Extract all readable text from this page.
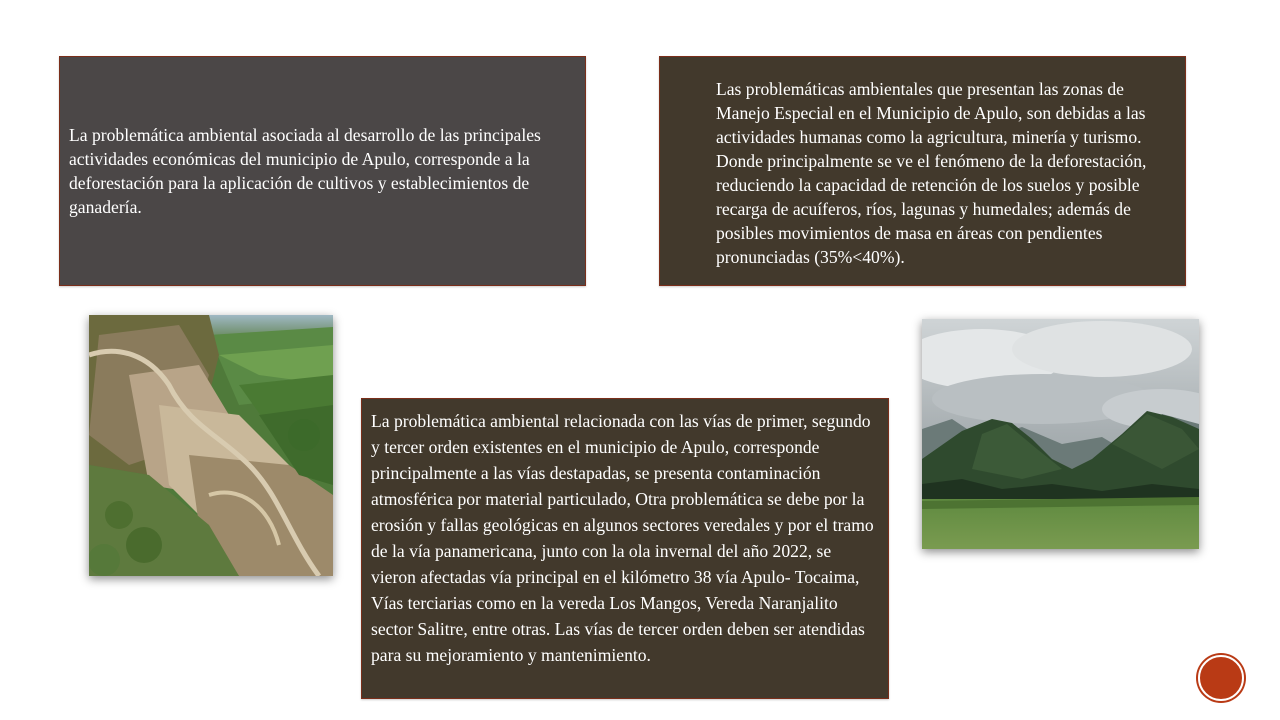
La problemática ambiental asociada al desarrollo de las principales actividades económicas del municipio de Apulo, corresponde a la deforestación para la aplicación de cultivos y establecimientos de ganadería.

Las problemáticas ambientales que presentan las zonas de Manejo Especial en el Municipio de Apulo, son debidas a las actividades humanas como la agricultura, minería y turismo. Donde principalmente se ve el fenómeno de la deforestación, reduciendo la capacidad de retención de los suelos y posible recarga de acuíferos, ríos, lagunas y humedales; además de posibles movimientos de masa en áreas con pendientes pronunciadas (35%<40%).

La problemática ambiental relacionada con las vías de primer, segundo y tercer orden existentes en el municipio de Apulo, corresponde principalmente a las vías destapadas, se presenta contaminación atmosférica por material particulado, Otra problemática se debe por la erosión y fallas geológicas en algunos sectores veredales y por el tramo de la vía panamericana, junto con la ola invernal del año 2022, se vieron afectadas vía principal en el kilómetro 38 vía Apulo- Tocaima, Vías terciarias como en la vereda Los Mangos, Vereda Naranjalito sector Salitre, entre otras. Las vías de tercer orden deben ser atendidas para su mejoramiento y mantenimiento.
